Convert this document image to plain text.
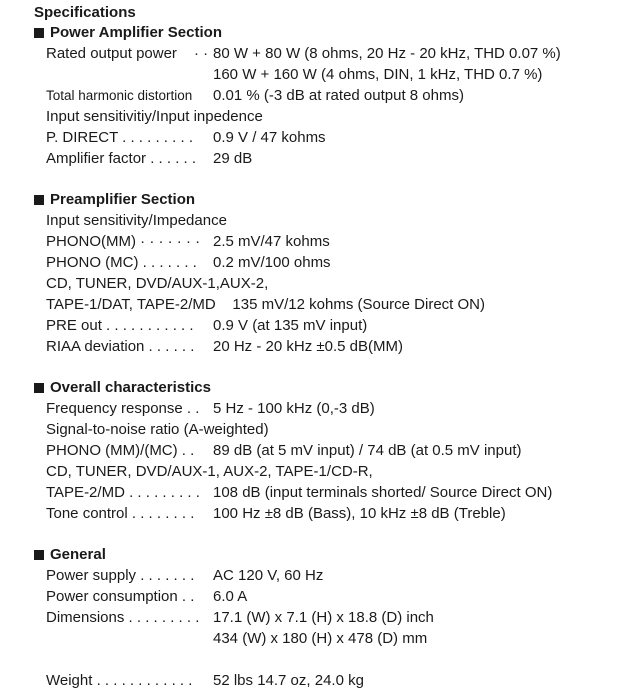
Specifications
Power Amplifier Section
Rated output power · · 80 W + 80 W (8 ohms, 20 Hz - 20 kHz, THD 0.07 %)
160 W + 160 W (4 ohms, DIN, 1 kHz, THD 0.7 %)
Total harmonic distortion 0.01 % (-3 dB at rated output 8 ohms)
Input sensitivitiy/Input inpedence
P. DIRECT . . . . . . . . . 0.9 V / 47 kohms
Amplifier factor . . . . . . 29 dB
Preamplifier Section
Input sensitivity/Impedance
PHONO(MM) · · · · · · · 2.5 mV/47 kohms
PHONO (MC) . . . . . . . 0.2 mV/100 ohms
CD, TUNER, DVD/AUX-1,AUX-2,
TAPE-1/DAT, TAPE-2/MD    135 mV/12 kohms (Source Direct ON)
PRE out . . . . . . . . . . . 0.9 V (at 135 mV input)
RIAA deviation . . . . . . 20 Hz - 20 kHz ±0.5 dB(MM)
Overall characteristics
Frequency response . . 5 Hz - 100 kHz (0,-3 dB)
Signal-to-noise ratio (A-weighted)
PHONO (MM)/(MC) . . 89 dB (at 5 mV input) / 74 dB (at 0.5 mV input)
CD, TUNER, DVD/AUX-1, AUX-2, TAPE-1/CD-R,
TAPE-2/MD . . . . . . . . . 108 dB (input terminals shorted/ Source Direct ON)
Tone control . . . . . . . . 100 Hz ±8 dB (Bass), 10 kHz ±8 dB (Treble)
General
Power supply . . . . . . . AC 120 V, 60 Hz
Power consumption . . 6.0 A
Dimensions . . . . . . . . . 17.1 (W) x 7.1 (H) x 18.8 (D) inch
434 (W) x 180 (H) x 478 (D) mm
Weight . . . . . . . . . . . . 52 lbs 14.7 oz, 24.0 kg
